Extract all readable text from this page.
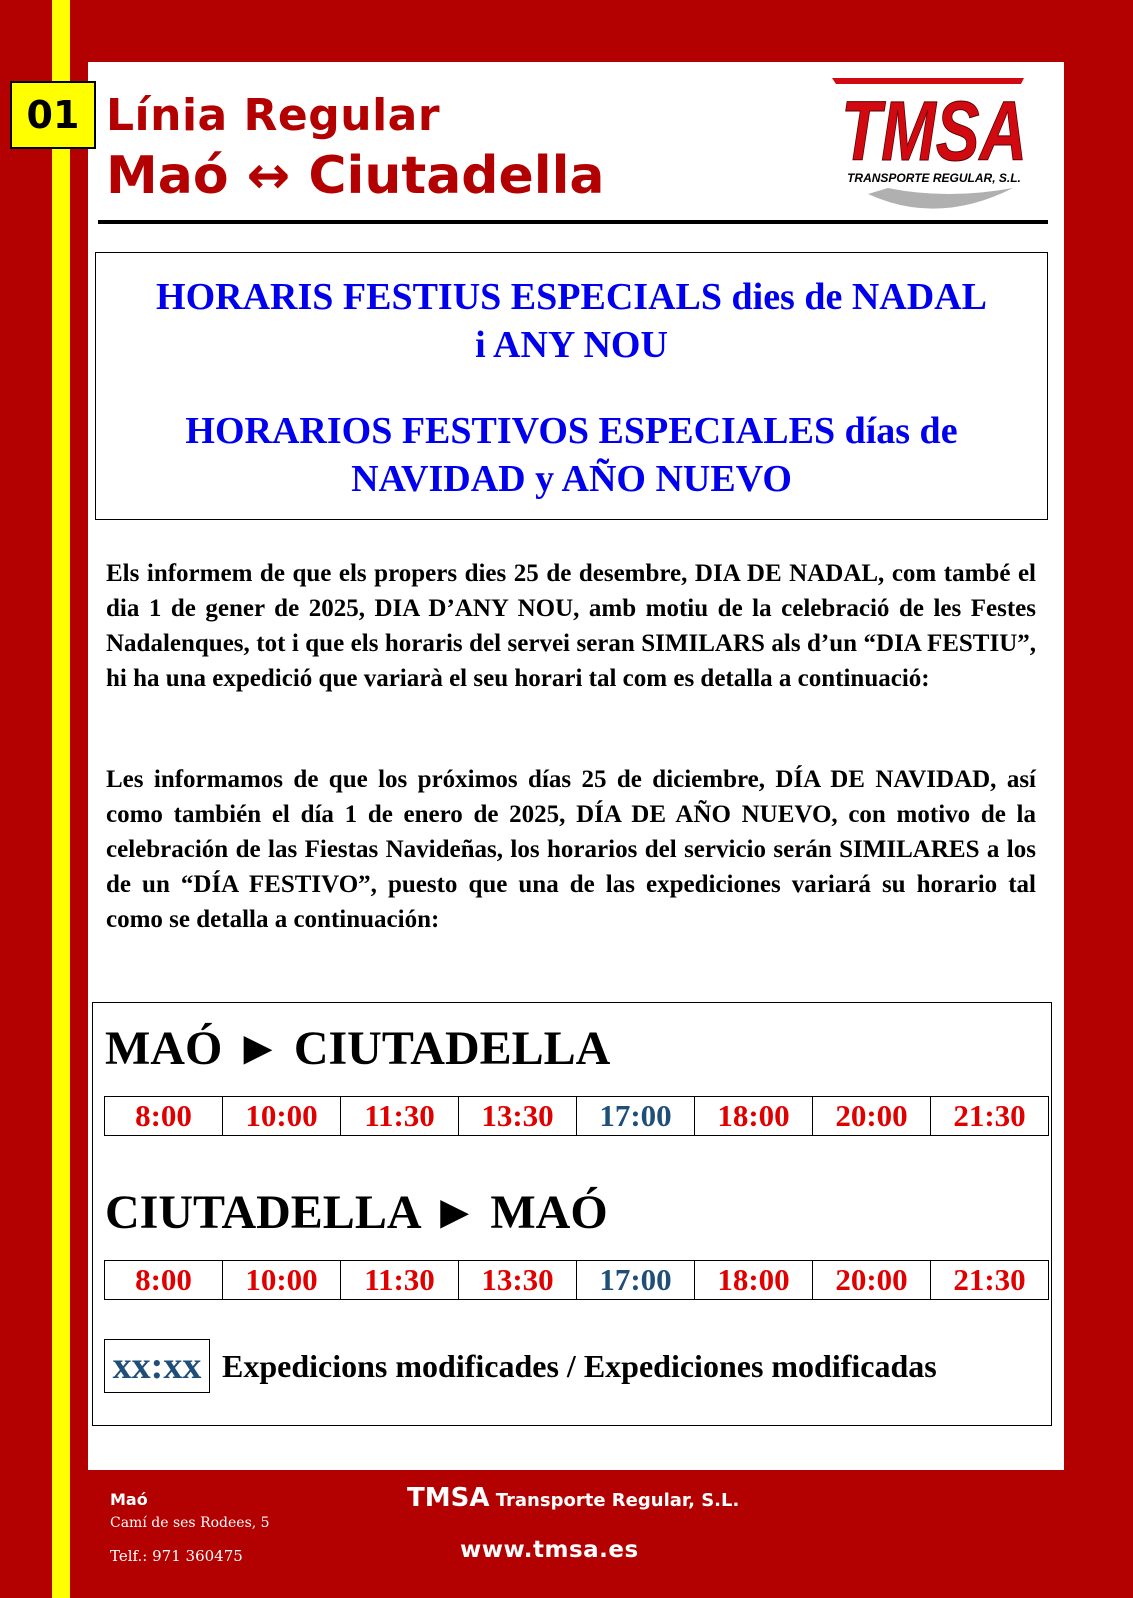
01 Línia Regular
Maó ↔ Ciutadella	TMSA
TRANSPORTE REGULAR, S.L.
HORARIS FESTIUS ESPECIALS dies de NADAL i ANY NOU
HORARIOS FESTIVOS ESPECIALES días de NAVIDAD y AÑO NUEVO

Els informem de que els propers dies 25 de desembre, DIA DE NADAL, com també el dia 1 de gener de 2025, DIA D’ANY NOU, amb motiu de la celebració de les Festes Nadalenques, tot i que els horaris del servei seran SIMILARS als d’un “DIA FESTIU”, hi ha una expedició que variarà el seu horari tal com es detalla a continuació:

Les informamos de que los próximos días 25 de diciembre, DÍA DE NAVIDAD, así como también el día 1 de enero de 2025, DÍA DE AÑO NUEVO, con motivo de la celebración de las Fiestas Navideñas, los horarios del servicio serán SIMILARES a los de un “DÍA FESTIVO”, puesto que una de las expediciones variará su horario tal como se detalla a continuación:

MAÓ ► CIUTADELLA
8:00	10:00	11:30	13:30	17:00	18:00	20:00	21:30
CIUTADELLA ► MAÓ
8:00	10:00	11:30	13:30	17:00	18:00	20:00	21:30
xx:xx Expedicions modificades / Expediciones modificadas
Maó
Camí de ses Rodees, 5
Telf.: 971 360475
TMSA Transporte Regular, S.L.
www.tmsa.es
